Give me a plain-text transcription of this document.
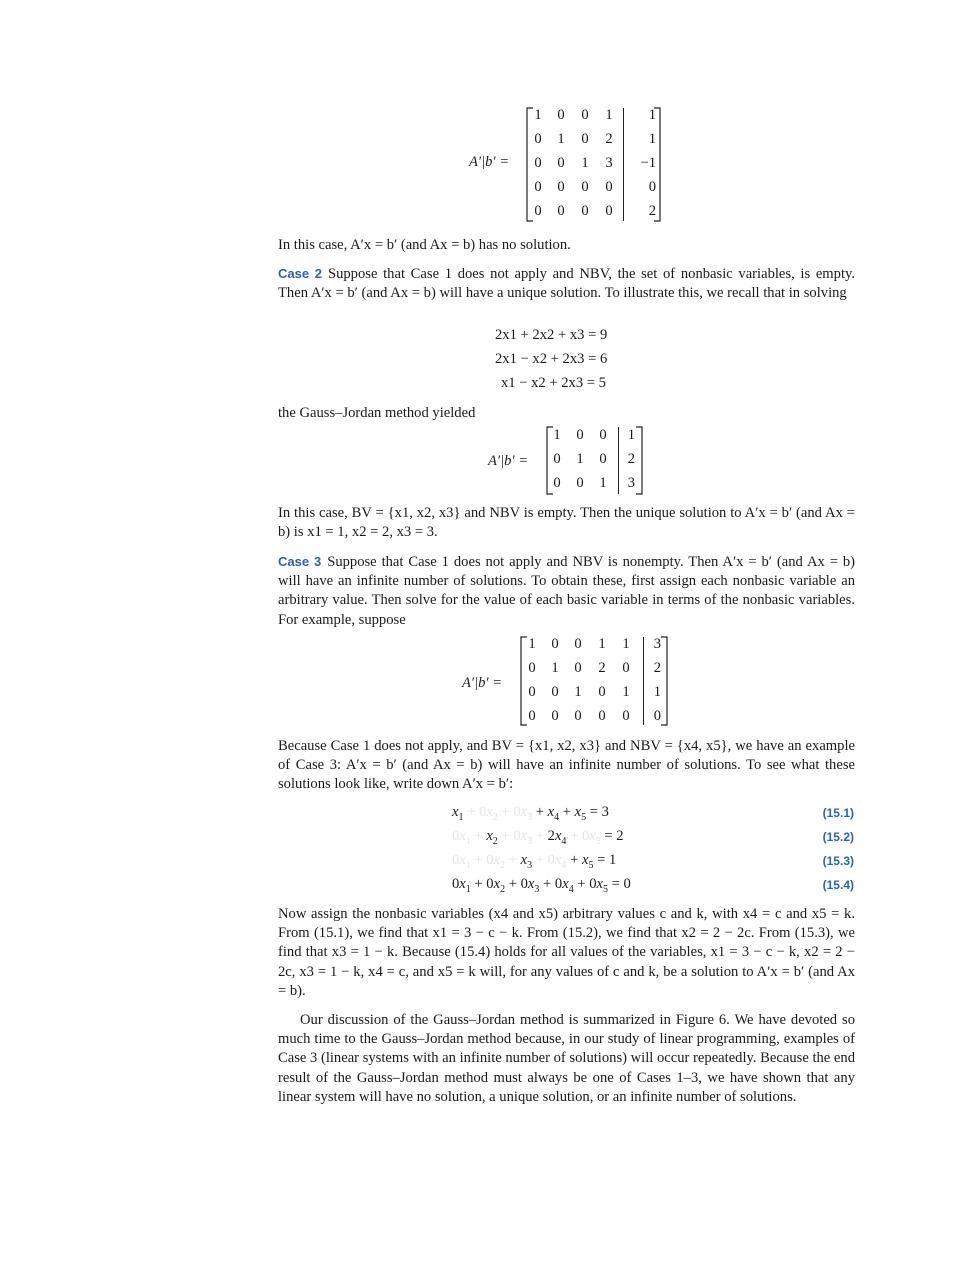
A′|b′ =
1	0	0	1	1
0	1	0	2	1
0	0	1	3	−1
0	0	0	0	0
0	0	0	0	2

In this case, A′x = b′ (and Ax = b) has no solution.

Case 2 Suppose that Case 1 does not apply and NBV, the set of nonbasic variables, is empty. Then A′x = b′ (and Ax = b) will have a unique solution. To illustrate this, we recall that in solving

2x1 + 2x2 + x3 = 9
2x1 − x2 + 2x3 = 6
x1 − x2 + 2x3 = 5

the Gauss–Jordan method yielded

A′|b′ =
1	0	0	1
0	1	0	2
0	0	1	3

In this case, BV = {x1, x2, x3} and NBV is empty. Then the unique solution to A′x = b′ (and Ax = b) is x1 = 1, x2 = 2, x3 = 3.

Case 3 Suppose that Case 1 does not apply and NBV is nonempty. Then A′x = b′ (and Ax = b) will have an infinite number of solutions. To obtain these, first assign each nonbasic variable an arbitrary value. Then solve for the value of each basic variable in terms of the nonbasic variables. For example, suppose

A′|b′ =
1	0	0	1	1	3
0	1	0	2	0	2
0	0	1	0	1	1
0	0	0	0	0	0

Because Case 1 does not apply, and BV = {x1, x2, x3} and NBV = {x4, x5}, we have an example of Case 3: A′x = b′ (and Ax = b) will have an infinite number of solutions. To see what these solutions look like, write down A′x = b′:

$x_1 + 0x_2 + 0x_3 + x_4 + x_5 = 3$	(15.1)
$0x_1 + x_2 + 0x_3 + 2x_4 + 0x_5 = 2$	(15.2)
$0x_1 + 0x_2 + x_3 + 0x_4 + x_5 = 1$	(15.3)
$0x_1 + 0x_2 + 0x_3 + 0x_4 + 0x_5 = 0$	(15.4)

Now assign the nonbasic variables (x4 and x5) arbitrary values c and k, with x4 = c and x5 = k. From (15.1), we find that x1 = 3 − c − k. From (15.2), we find that x2 = 2 − 2c. From (15.3), we find that x3 = 1 − k. Because (15.4) holds for all values of the variables, x1 = 3 − c − k, x2 = 2 − 2c, x3 = 1 − k, x4 = c, and x5 = k will, for any values of c and k, be a solution to A′x = b′ (and Ax = b).

Our discussion of the Gauss–Jordan method is summarized in Figure 6. We have devoted so much time to the Gauss–Jordan method because, in our study of linear programming, examples of Case 3 (linear systems with an infinite number of solutions) will occur repeatedly. Because the end result of the Gauss–Jordan method must always be one of Cases 1–3, we have shown that any linear system will have no solution, a unique solution, or an infinite number of solutions.
